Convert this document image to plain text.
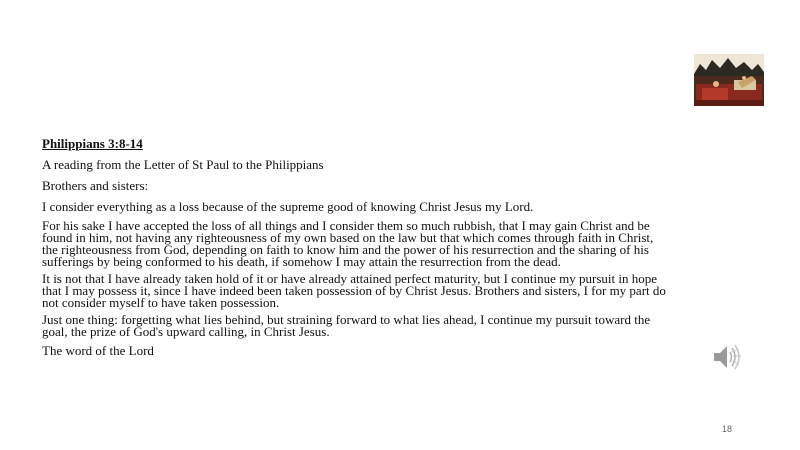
Philippians 3:8-14
A reading from the Letter of St Paul to the Philippians
Brothers and sisters:
I consider everything as a loss because of the supreme good of knowing Christ Jesus my Lord.
For his sake I have accepted the loss of all things and I consider them so much rubbish, that I may gain Christ and be found in him, not having any righteousness of my own based on the law but that which comes through faith in Christ, the righteousness from God, depending on faith to know him and the power of his resurrection and the sharing of his sufferings by being conformed to his death, if somehow I may attain the resurrection from the dead.
It is not that I have already taken hold of it or have already attained perfect maturity, but I continue my pursuit in hope that I may possess it, since I have indeed been taken possession of by Christ Jesus. Brothers and sisters, I for my part do not consider myself to have taken possession.
Just one thing: forgetting what lies behind, but straining forward to what lies ahead, I continue my pursuit toward the goal, the prize of God's upward calling, in Christ Jesus.
The word of the Lord
18
